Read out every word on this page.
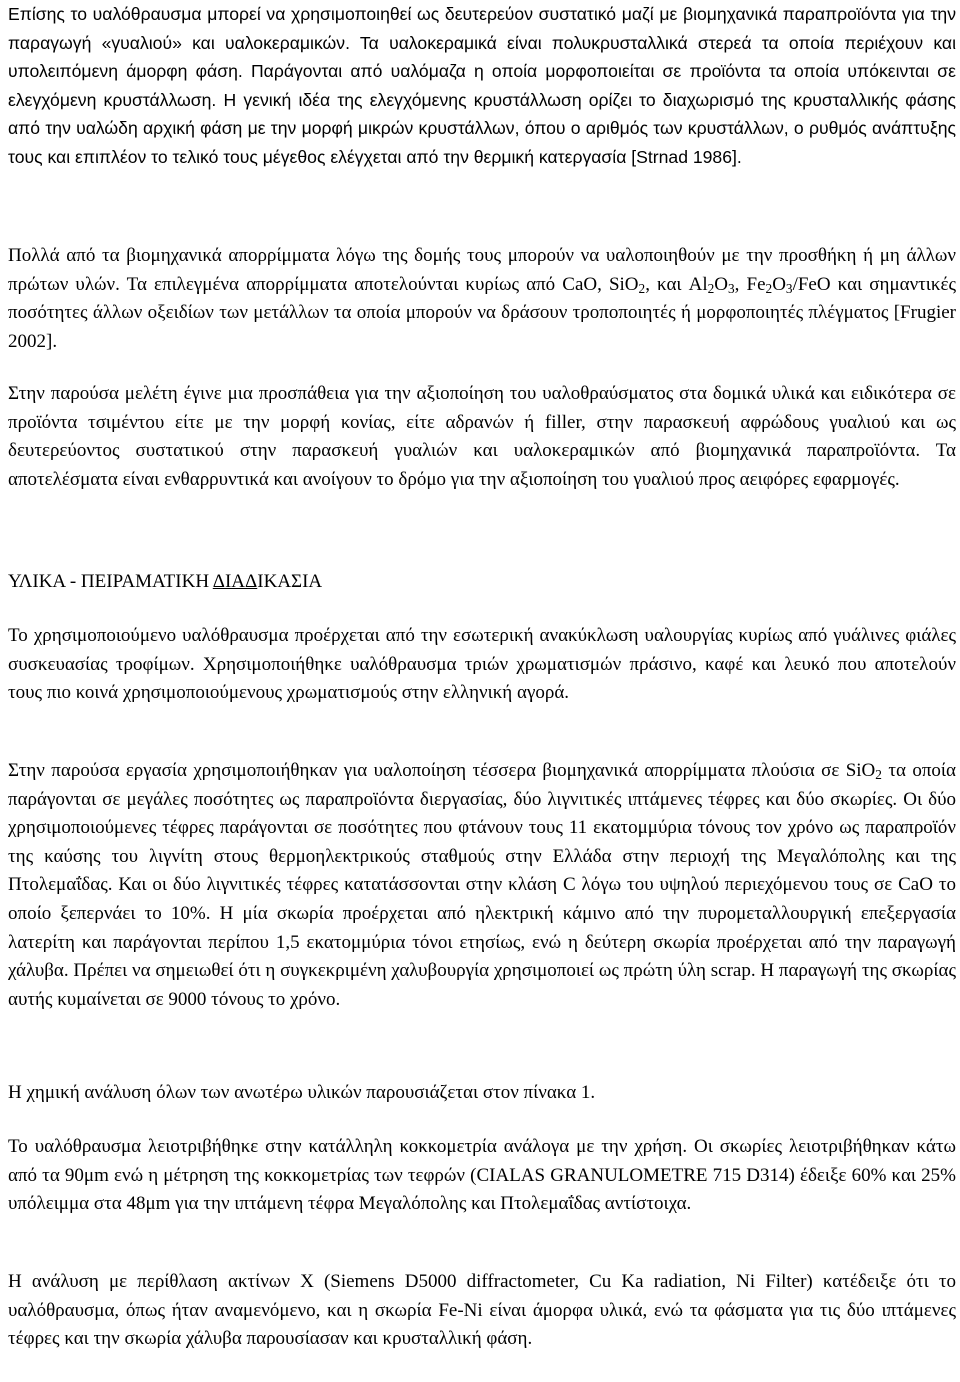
Επίσης το υαλόθραυσμα μπορεί να χρησιμοποιηθεί ως δευτερεύον συστατικό μαζί με βιομηχανικά παραπροϊόντα για την παραγωγή «γυαλιού» και υαλοκεραμικών. Τα υαλοκεραμικά είναι πολυκρυσταλλικά στερεά τα οποία περιέχουν και υπολειπόμενη άμορφη φάση. Παράγονται από υαλόμαζα η οποία μορφοποιείται σε προϊόντα τα οποία υπόκεινται σε ελεγχόμενη κρυστάλλωση. Η γενική ιδέα της ελεγχόμενης κρυστάλλωση ορίζει το διαχωρισμό της κρυσταλλικής φάσης από την υαλώδη αρχική φάση με την μορφή μικρών κρυστάλλων, όπου ο αριθμός των κρυστάλλων, ο ρυθμός ανάπτυξης τους και επιπλέον το τελικό τους μέγεθος ελέγχεται από την θερμική κατεργασία [Strnad 1986].

Πολλά από τα βιομηχανικά απορρίμματα λόγω της δομής τους μπορούν να υαλοποιηθούν με την προσθήκη ή μη άλλων πρώτων υλών. Τα επιλεγμένα απορρίμματα αποτελούνται κυρίως από CaO, SiO$_2$, και $Al_2O_3$, $Fe_2O_3$/FeO και σημαντικές ποσότητες άλλων οξειδίων των μετάλλων τα οποία μπορούν να δράσουν τροποποιητές ή μορφοποιητές πλέγματος [Frugier 2002].

Στην παρούσα μελέτη έγινε μια προσπάθεια για την αξιοποίηση του υαλοθραύσματος στα δομικά υλικά και ειδικότερα σε προϊόντα τσιμέντου είτε με την μορφή κονίας, είτε αδρανών ή filler, στην παρασκευή αφρώδους γυαλιού και ως δευτερεύοντος συστατικού στην παρασκευή γυαλιών και υαλοκεραμικών από βιομηχανικά παραπροϊόντα. Τα αποτελέσματα είναι ενθαρρυντικά και ανοίγουν το δρόμο για την αξιοποίηση του γυαλιού προς αειφόρες εφαρμογές.

ΥΛΙΚΑ - ΠΕΙΡΑΜΑΤΙΚΗ ΔΙΑΔΙΚΑΣΙΑ

Το χρησιμοποιούμενο υαλόθραυσμα προέρχεται από την εσωτερική ανακύκλωση υαλουργίας κυρίως από γυάλινες φιάλες συσκευασίας τροφίμων. Χρησιμοποιήθηκε υαλόθραυσμα τριών χρωματισμών πράσινο, καφέ και λευκό που αποτελούν τους πιο κοινά χρησιμοποιούμενους χρωματισμούς στην ελληνική αγορά.

Στην παρούσα εργασία χρησιμοποιήθηκαν για υαλοποίηση τέσσερα βιομηχανικά απορρίμματα πλούσια σε SiO$_2$ τα οποία παράγονται σε μεγάλες ποσότητες ως παραπροϊόντα διεργασίας, δύο λιγνιτικές ιπτάμενες τέφρες και δύο σκωρίες. Οι δύο χρησιμοποιούμενες τέφρες παράγονται σε ποσότητες που φτάνουν τους 11 εκατομμύρια τόνους τον χρόνο ως παραπροϊόν της καύσης του λιγνίτη στους θερμοηλεκτρικούς σταθμούς στην Ελλάδα στην περιοχή της Μεγαλόπολης και της Πτολεμαΐδας. Και οι δύο λιγνιτικές τέφρες κατατάσσονται στην κλάση C λόγω του υψηλού περιεχόμενου τους σε CaO το οποίο ξεπερνάει το 10%. Η μία σκωρία προέρχεται από ηλεκτρική κάμινο από την πυρομεταλλουργική επεξεργασία λατερίτη και παράγονται περίπου 1,5 εκατομμύρια τόνοι ετησίως, ενώ η δεύτερη σκωρία προέρχεται από την παραγωγή χάλυβα. Πρέπει να σημειωθεί ότι η συγκεκριμένη χαλυβουργία χρησιμοποιεί ως πρώτη ύλη scrap. Η παραγωγή της σκωρίας αυτής κυμαίνεται σε 9000 τόνους το χρόνο.

Η χημική ανάλυση όλων των ανωτέρω υλικών παρουσιάζεται στον πίνακα 1.

Το υαλόθραυσμα λειοτριβήθηκε στην κατάλληλη κοκκομετρία ανάλογα με την χρήση. Οι σκωρίες λειοτριβήθηκαν κάτω από τα 90μm ενώ η μέτρηση της κοκκομετρίας των τεφρών (CIALAS GRANULOMETRE 715 D314) έδειξε 60% και 25% υπόλειμμα στα 48μm για την ιπτάμενη τέφρα Μεγαλόπολης και Πτολεμαΐδας αντίστοιχα.

Η ανάλυση με περίθλαση ακτίνων X (Siemens D5000 diffractometer, Cu Ka radiation, Ni Filter) κατέδειξε ότι το υαλόθραυσμα, όπως ήταν αναμενόμενο, και η σκωρία Fe-Ni είναι άμορφα υλικά, ενώ τα φάσματα για τις δύο ιπτάμενες τέφρες και την σκωρία χάλυβα παρουσίασαν και κρυσταλλική φάση.
